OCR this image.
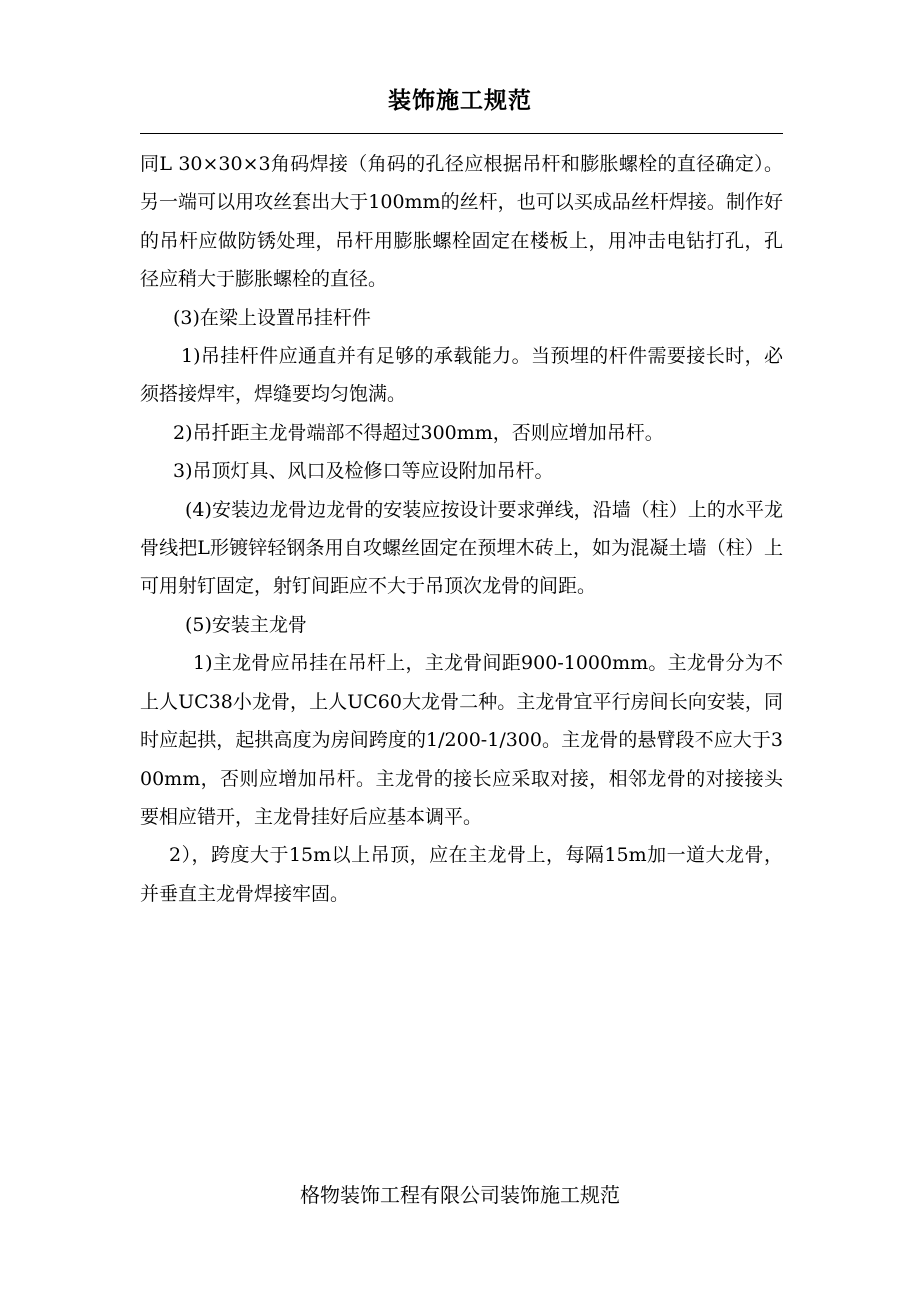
装饰施工规范

同L 30×30×3角码焊接（角码的孔径应根据吊杆和膨胀螺栓的直径确定）。另一端可以用攻丝套出大于100mm的丝杆，也可以买成品丝杆焊接。制作好的吊杆应做防锈处理，吊杆用膨胀螺栓固定在楼板上，用冲击电钻打孔，孔径应稍大于膨胀螺栓的直径。

(3)在梁上设置吊挂杆件

1)吊挂杆件应通直并有足够的承载能力。当预埋的杆件需要接长时，必须搭接焊牢，焊缝要均匀饱满。

2)吊扦距主龙骨端部不得超过300mm，否则应增加吊杆。

3)吊顶灯具、风口及检修口等应设附加吊杆。

(4)安装边龙骨边龙骨的安装应按设计要求弹线，沿墙（柱）上的水平龙骨线把L形镀锌轻钢条用自攻螺丝固定在预埋木砖上，如为混凝土墙（柱）上可用射钉固定，射钉间距应不大于吊顶次龙骨的间距。

(5)安装主龙骨

1)主龙骨应吊挂在吊杆上，主龙骨间距900-1000mm。主龙骨分为不上人UC38小龙骨，上人UC60大龙骨二种。主龙骨宜平行房间长向安装，同时应起拱，起拱高度为房间跨度的1/200-1/300。主龙骨的悬臂段不应大于300mm，否则应增加吊杆。主龙骨的接长应采取对接，相邻龙骨的对接接头要相应错开，主龙骨挂好后应基本调平。

2），跨度大于15m以上吊顶，应在主龙骨上，每隔15m加一道大龙骨，并垂直主龙骨焊接牢固。

格物装饰工程有限公司装饰施工规范
